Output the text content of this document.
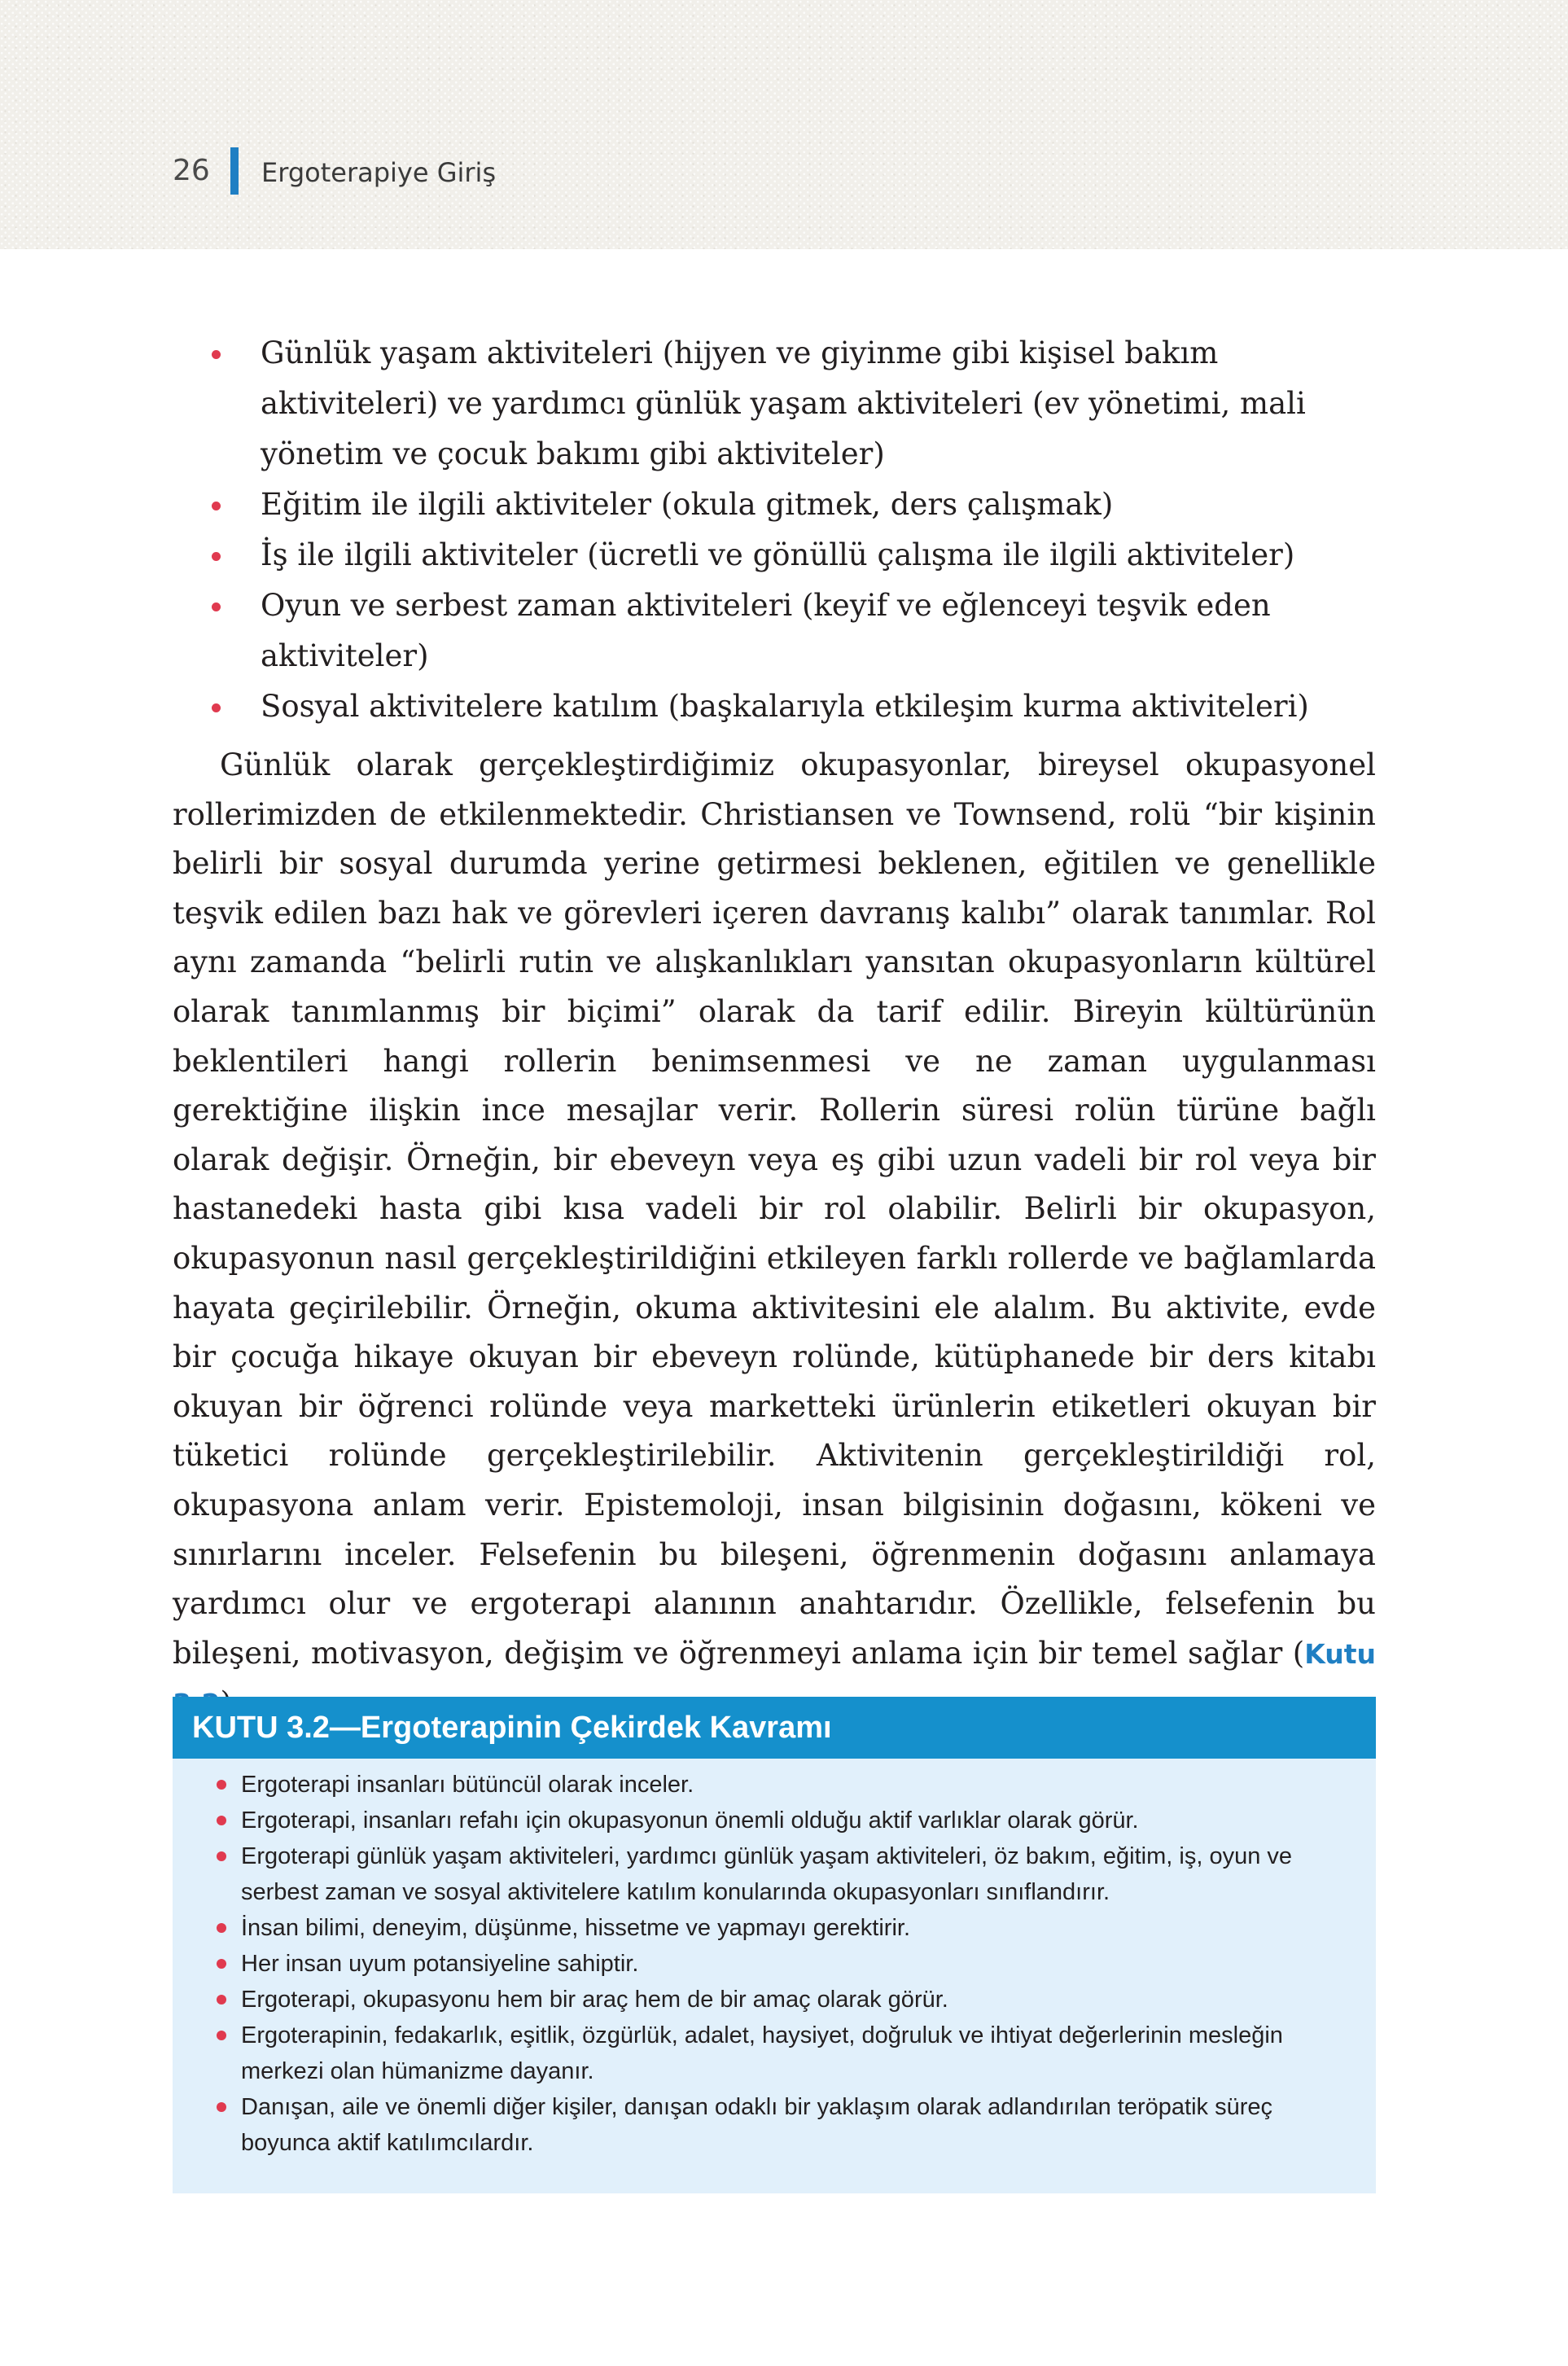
26 Ergoterapiye Giriş
Günlük yaşam aktiviteleri (hijyen ve giyinme gibi kişisel bakım aktiviteleri) ve yardımcı günlük yaşam aktiviteleri (ev yönetimi, mali yönetim ve çocuk bakımı gibi aktiviteler)
Eğitim ile ilgili aktiviteler (okula gitmek, ders çalışmak)
İş ile ilgili aktiviteler (ücretli ve gönüllü çalışma ile ilgili aktiviteler)
Oyun ve serbest zaman aktiviteleri (keyif ve eğlenceyi teşvik eden aktiviteler)
Sosyal aktivitelere katılım (başkalarıyla etkileşim kurma aktiviteleri)

Günlük olarak gerçekleştirdiğimiz okupasyonlar, bireysel okupasyonel rollerimizden de etkilenmektedir. Christiansen ve Townsend, rolü “bir kişinin belirli bir sosyal durumda yerine getirmesi beklenen, eğitilen ve genellikle teşvik edilen bazı hak ve görevleri içeren davranış kalıbı” olarak tanımlar. Rol aynı zamanda “belirli rutin ve alışkanlıkları yansıtan okupasyonların kültürel olarak tanımlanmış bir biçimi” olarak da tarif edilir. Bireyin kültürünün beklentileri hangi rollerin benimsenmesi ve ne zaman uygulanması gerektiğine ilişkin ince mesajlar verir. Rollerin süresi rolün türüne bağlı olarak değişir. Örneğin, bir ebeveyn veya eş gibi uzun vadeli bir rol veya bir hastanedeki hasta gibi kısa vadeli bir rol olabilir. Belirli bir okupasyon, okupasyonun nasıl gerçekleştirildiğini etkileyen farklı rollerde ve bağlamlarda hayata geçirilebilir. Örneğin, okuma aktivitesini ele alalım. Bu aktivite, evde bir çocuğa hikaye okuyan bir ebeveyn rolünde, kütüphanede bir ders kitabı okuyan bir öğrenci rolünde veya marketteki ürünlerin etiketleri okuyan bir tüketici rolünde gerçekleştirilebilir. Aktivitenin gerçekleştirildiği rol, okupasyona anlam verir. Epistemoloji, insan bilgisinin doğasını, kökeni ve sınırlarını inceler. Felsefenin bu bileşeni, öğrenmenin doğasını anlamaya yardımcı olur ve ergoterapi alanının anahtarıdır. Özellikle, felsefenin bu bileşeni, motivasyon, değişim ve öğrenmeyi anlama için bir temel sağlar (Kutu

KUTU 3.2—Ergoterapinin Çekirdek Kavramı
Ergoterapi insanları bütüncül olarak inceler.
Ergoterapi, insanları refahı için okupasyonun önemli olduğu aktif varlıklar olarak görür.
Ergoterapi günlük yaşam aktiviteleri, yardımcı günlük yaşam aktiviteleri, öz bakım, eğitim, iş, oyun ve serbest zaman ve sosyal aktivitelere katılım konularında okupasyonları sınıflandırır.
İnsan bilimi, deneyim, düşünme, hissetme ve yapmayı gerektirir.
Her insan uyum potansiyeline sahiptir.
Ergoterapi, okupasyonu hem bir araç hem de bir amaç olarak görür.
Ergoterapinin, fedakarlık, eşitlik, özgürlük, adalet, haysiyet, doğruluk ve ihtiyat değerlerinin mesleğin merkezi olan hümanizme dayanır.
Danışan, aile ve önemli diğer kişiler, danışan odaklı bir yaklaşım olarak adlandırılan teröpatik süreç boyunca aktif katılımcılardır.
